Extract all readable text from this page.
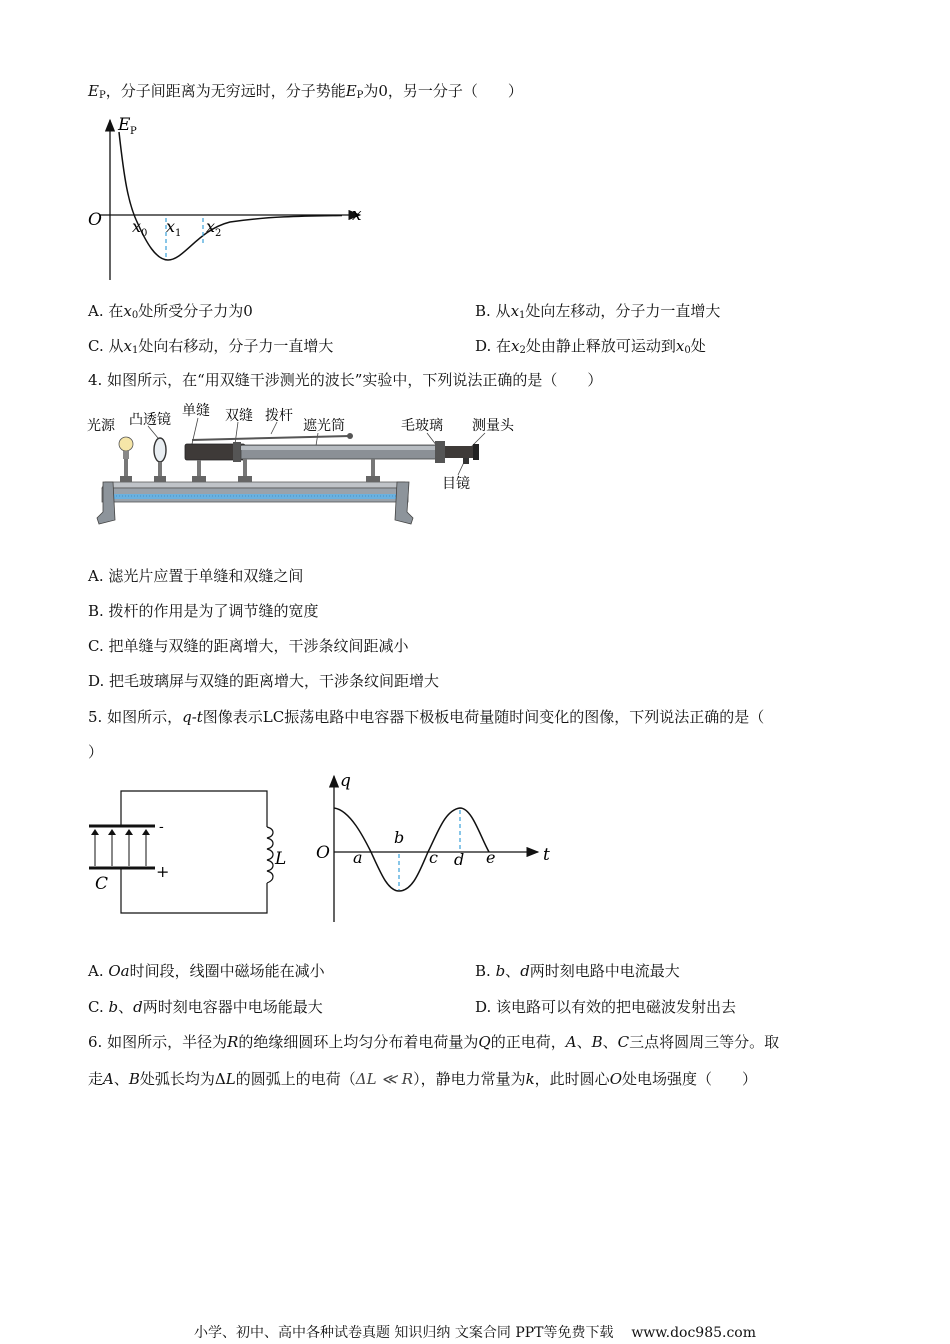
$E_P$，分子间距离为无穷远时，分子势能$E_P$为0，另一分子（　　）
E P
x
O x 0 x 1 x 2
A. 在$x_0$处所受分子力为0	B. 从$x_1$处向左移动，分子力一直增大
C. 从$x_1$处向右移动，分子力一直增大	D. 在$x_2$处由静止释放可运动到$x_0$处
4. 如图所示，在“用双缝干涉测光的波长”实验中，下列说法正确的是（　　）
光源 凸透镜
单缝 双缝 拨杆
遮光筒	毛玻璃 测量头
目镜
A. 滤光片应置于单缝和双缝之间
B. 拨杆的作用是为了调节缝的宽度
C. 把单缝与双缝的距离增大，干涉条纹间距减小
D. 把毛玻璃屏与双缝的距离增大，干涉条纹间距增大
5. 如图所示，q-t图像表示LC振荡电路中电容器下极板电荷量随时间变化的图像，下列说法正确的是（
）
-
+
C
L
q
t
O a
b
c d e
A. Oa时间段，线圈中磁场能在减小	B. b、d两时刻电路中电流最大
C. b、d两时刻电容器中电场能最大	D. 该电路可以有效的把电磁波发射出去
6. 如图所示，半径为R的绝缘细圆环上均匀分布着电荷量为Q的正电荷，A、B、C三点将圆周三等分。取
走A、B处弧长均为ΔL的圆弧上的电荷（ΔL ≪ R），静电力常量为k，此时圆心O处电场强度（　　）
小学、初中、高中各种试卷真题 知识归纳 文案合同 PPT等免费下载 www.doc985.com
